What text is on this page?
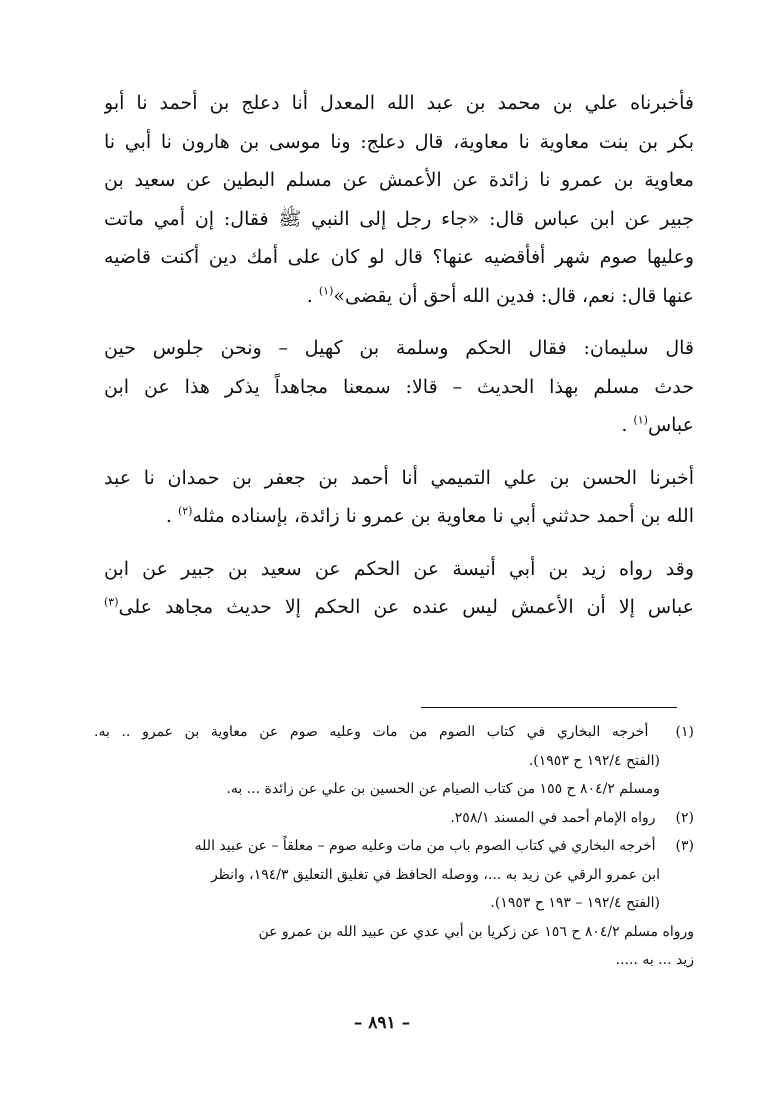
فأخبرناه علي بن محمد بن عبد الله المعدل أنا دعلج بن أحمد نا أبو
بكر بن بنت معاوية نا معاوية، قال دعلج: ونا موسى بن هارون نا أبي نا
معاوية بن عمرو نا زائدة عن الأعمش عن مسلم البطين عن سعيد بن
جبير عن ابن عباس قال: «جاء رجل إلى النبي ﷺ فقال: إن أمي ماتت
وعليها صوم شهر أفأقضيه عنها؟ قال لو كان على أمك دين أكنت قاضيه
عنها قال: نعم، قال: فدين الله أحق أن يقضى»$^{(١)}$ .

قال سليمان: فقال الحكم وسلمة بن كهيل – ونحن جلوس حين
حدث مسلم بهذا الحديث – قالا: سمعنا مجاهداً يذكر هذا عن ابن
عباس$^{(١)}$ .

أخبرنا الحسن بن علي التميمي أنا أحمد بن جعفر بن حمدان نا عبد
الله بن أحمد حدثني أبي نا معاوية بن عمرو نا زائدة، بإسناده مثله$^{(٢)}$ .

وقد رواه زيد بن أبي أنيسة عن الحكم عن سعيد بن جبير عن ابن
عباس إلا أن الأعمش ليس عنده عن الحكم إلا حديث مجاهد على$^{(٣)}$

(١) أخرجه البخاري في كتاب الصوم من مات وعليه صوم عن معاوية بن عمرو .. به.
(الفتح ١٩٢/٤ ح ١٩٥٣).
ومسلم ٨٠٤/٢ ح ١٥٥ من كتاب الصيام عن الحسين بن علي عن زائدة ... به.
(٢) رواه الإمام أحمد في المسند ٢٥٨/١.
(٣) أخرجه البخاري في كتاب الصوم باب من مات وعليه صوم – معلقاً – عن عبيد الله
ابن عمرو الرقي عن زيد به ...، ووصله الحافظ في تغليق التعليق ١٩٤/٣، وانظر
(الفتح ١٩٢/٤ – ١٩٣ ح ١٩٥٣).
ورواه مسلم ٨٠٤/٢ ح ١٥٦ عن زكريا بن أبي عدي عن عبيد الله بن عمرو عن
زيد ... به .....
– ٨٩١ –
